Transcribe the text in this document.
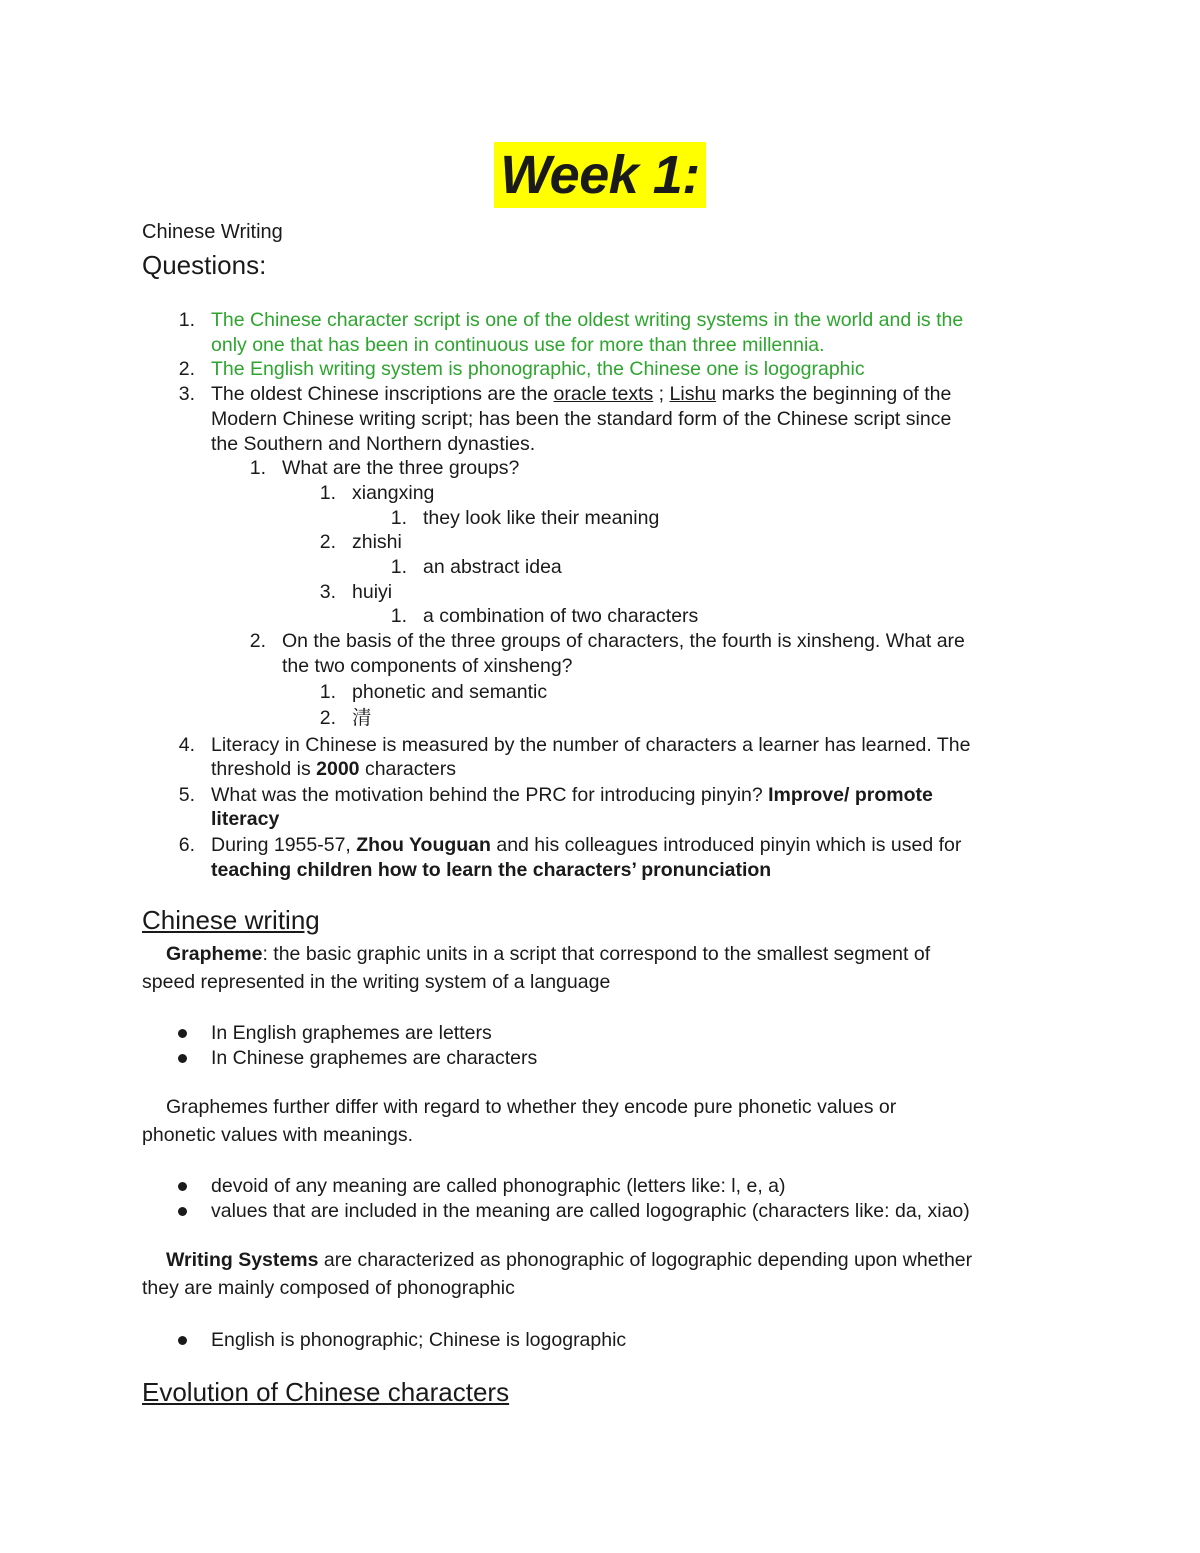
Week 1:
Chinese Writing
Questions:
1. The Chinese character script is one of the oldest writing systems in the world and is the
only one that has been in continuous use for more than three millennia.
2. The English writing system is phonographic, the Chinese one is logographic
3. The oldest Chinese inscriptions are the oracle texts ; Lishu marks the beginning of the
Modern Chinese writing script; has been the standard form of the Chinese script since
the Southern and Northern dynasties.
1. What are the three groups?
1. xiangxing
1. they look like their meaning
2. zhishi
1. an abstract idea
3. huiyi
1. a combination of two characters
2. On the basis of the three groups of characters, the fourth is xinsheng. What are
the two components of xinsheng?
1. phonetic and semantic
2. 清
4. Literacy in Chinese is measured by the number of characters a learner has learned. The
threshold is 2000 characters
5. What was the motivation behind the PRC for introducing pinyin? Improve/ promote
literacy
6. During 1955-57, Zhou Youguan and his colleagues introduced pinyin which is used for
teaching children how to learn the characters’ pronunciation
Chinese writing
Grapheme: the basic graphic units in a script that correspond to the smallest segment of
speed represented in the writing system of a language
In English graphemes are letters
In Chinese graphemes are characters
Graphemes further differ with regard to whether they encode pure phonetic values or
phonetic values with meanings.
devoid of any meaning are called phonographic (letters like: l, e, a)
values that are included in the meaning are called logographic (characters like: da, xiao)
Writing Systems are characterized as phonographic of logographic depending upon whether
they are mainly composed of phonographic
English is phonographic; Chinese is logographic
Evolution of Chinese characters
